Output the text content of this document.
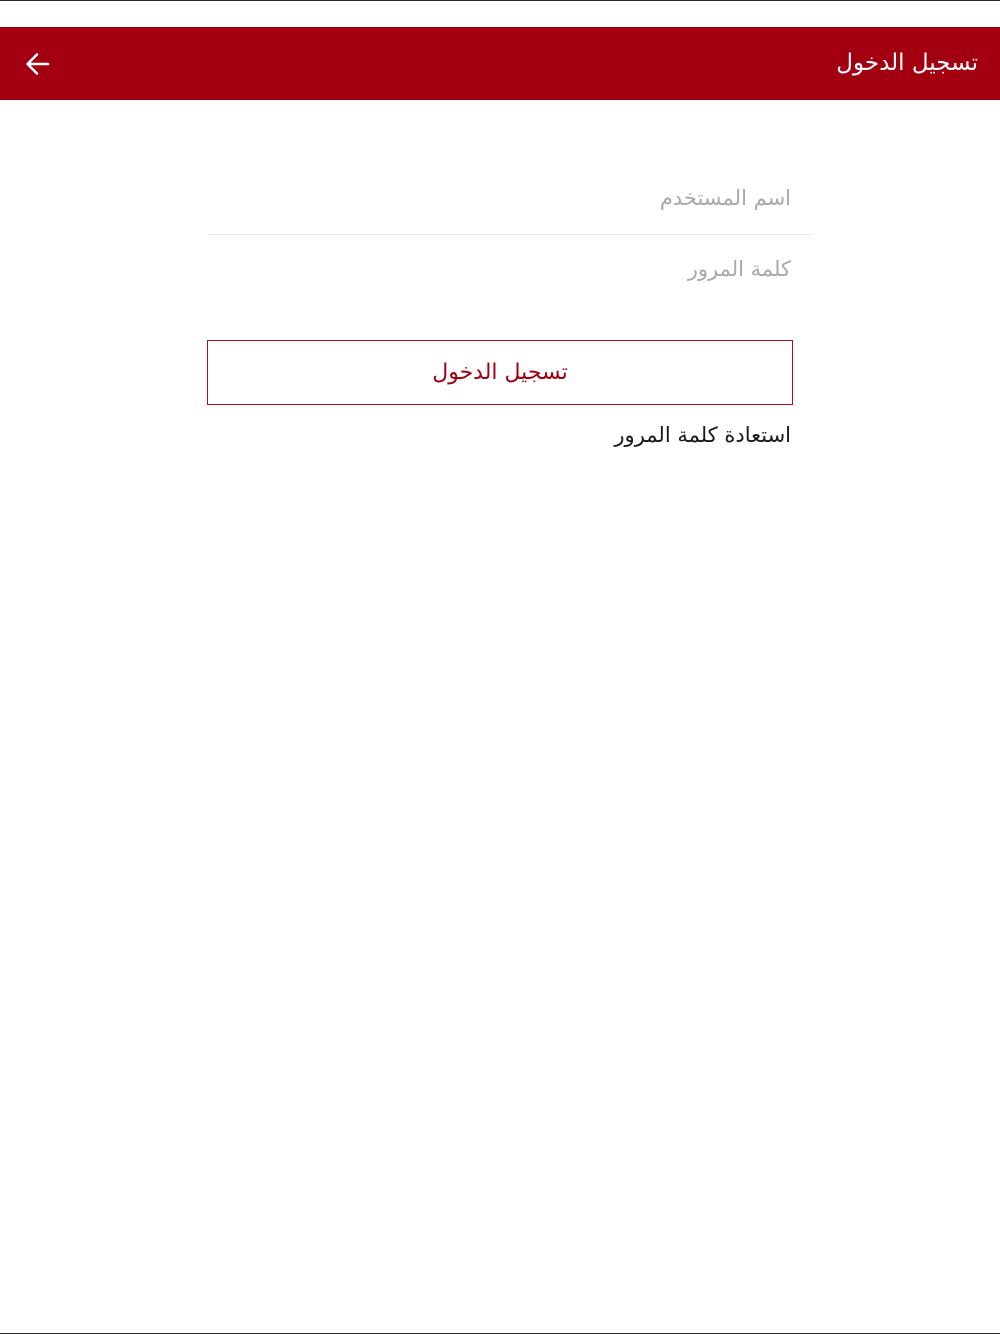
تسجيل الدخول
اسم المستخدم
تسجيل الدخول
استعادة كلمة المرور
